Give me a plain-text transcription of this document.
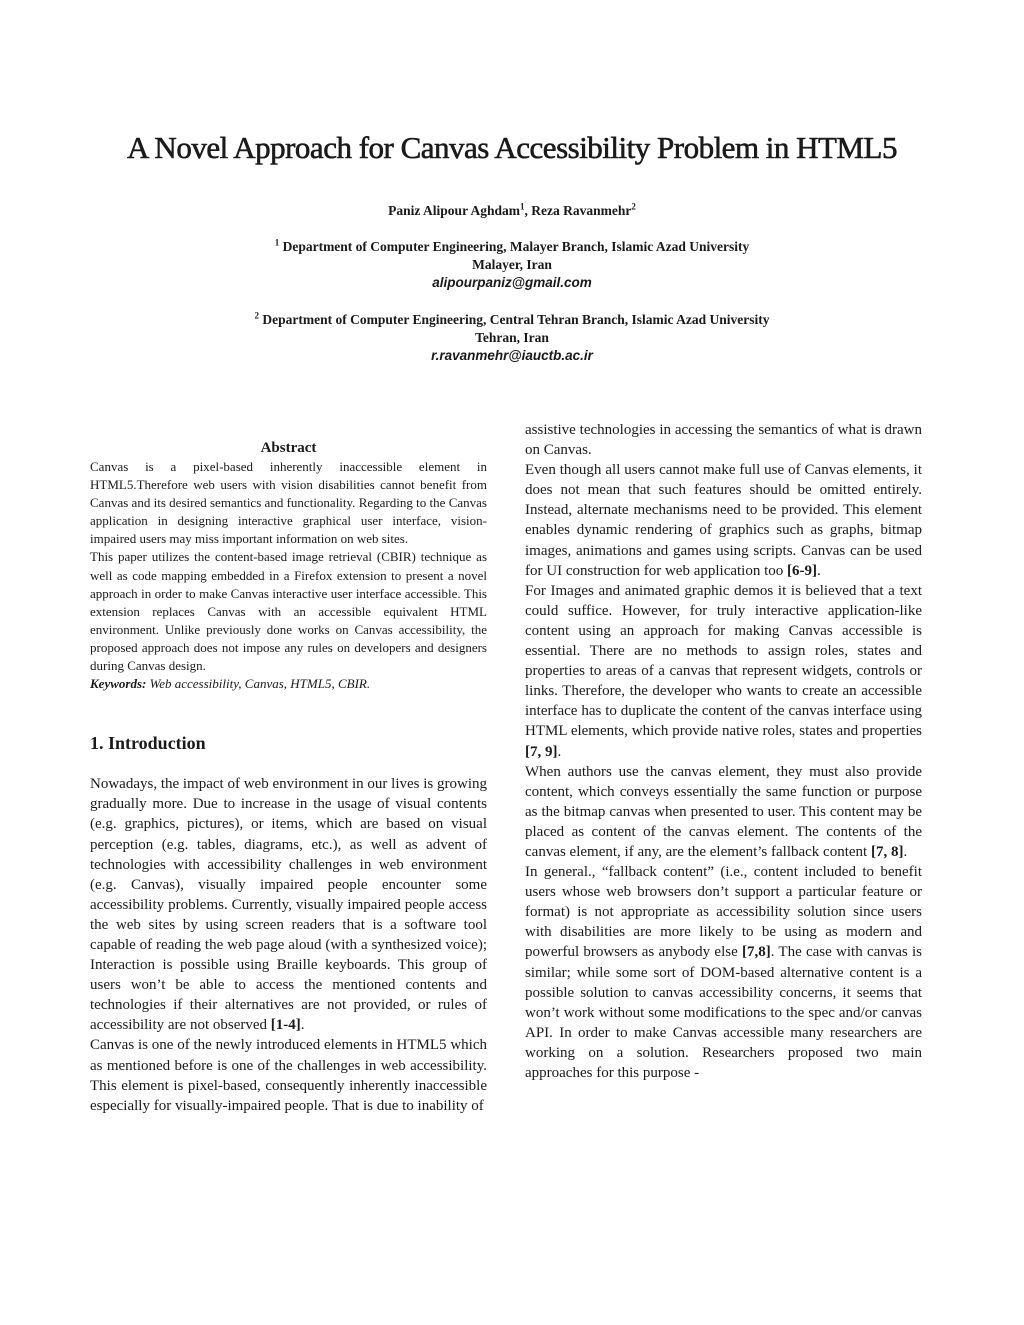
A Novel Approach for Canvas Accessibility Problem in HTML5
Paniz Alipour Aghdam$^1$, Reza Ravanmehr$^2$
$^1$ Department of Computer Engineering, Malayer Branch, Islamic Azad University
Malayer, Iran
alipourpaniz@gmail.com
$^2$ Department of Computer Engineering, Central Tehran Branch, Islamic Azad University
Tehran, Iran
r.ravanmehr@iauctb.ac.ir
Abstract

Canvas is a pixel-based inherently inaccessible element in HTML5.Therefore web users with vision disabilities cannot benefit from Canvas and its desired semantics and functionality. Regarding to the Canvas application in designing interactive graphical user interface, vision-impaired users may miss important information on web sites.

This paper utilizes the content-based image retrieval (CBIR) technique as well as code mapping embedded in a Firefox extension to present a novel approach in order to make Canvas interactive user interface accessible. This extension replaces Canvas with an accessible equivalent HTML environment. Unlike previously done works on Canvas accessibility, the proposed approach does not impose any rules on developers and designers during Canvas design.

Keywords: Web accessibility, Canvas, HTML5, CBIR.

1. Introduction

Nowadays, the impact of web environment in our lives is growing gradually more. Due to increase in the usage of visual contents (e.g. graphics, pictures), or items, which are based on visual perception (e.g. tables, diagrams, etc.), as well as advent of technologies with accessibility challenges in web environment (e.g. Canvas), visually impaired people encounter some accessibility problems. Currently, visually impaired people access the web sites by using screen readers that is a software tool capable of reading the web page aloud (with a synthesized voice); Interaction is possible using Braille keyboards. This group of users won’t be able to access the mentioned contents and technologies if their alternatives are not provided, or rules of accessibility are not observed [1-4].

Canvas is one of the newly introduced elements in HTML5 which as mentioned before is one of the challenges in web accessibility. This element is pixel-based, consequently inherently inaccessible especially for visually-impaired people. That is due to inability of

assistive technologies in accessing the semantics of what is drawn on Canvas.

Even though all users cannot make full use of Canvas elements, it does not mean that such features should be omitted entirely. Instead, alternate mechanisms need to be provided. This element enables dynamic rendering of graphics such as graphs, bitmap images, animations and games using scripts. Canvas can be used for UI construction for web application too [6-9].

For Images and animated graphic demos it is believed that a text could suffice. However, for truly interactive application-like content using an approach for making Canvas accessible is essential. There are no methods to assign roles, states and properties to areas of a canvas that represent widgets, controls or links. Therefore, the developer who wants to create an accessible interface has to duplicate the content of the canvas interface using HTML elements, which provide native roles, states and properties [7, 9].

When authors use the canvas element, they must also provide content, which conveys essentially the same function or purpose as the bitmap canvas when presented to user. This content may be placed as content of the canvas element. The contents of the canvas element, if any, are the element’s fallback content [7, 8].

In general., “fallback content” (i.e., content included to benefit users whose web browsers don’t support a particular feature or format) is not appropriate as accessibility solution since users with disabilities are more likely to be using as modern and powerful browsers as anybody else [7,8]. The case with canvas is similar; while some sort of DOM-based alternative content is a possible solution to canvas accessibility concerns, it seems that won’t work without some modifications to the spec and/or canvas API. In order to make Canvas accessible many researchers are working on a solution. Researchers proposed two main approaches for this purpose -
